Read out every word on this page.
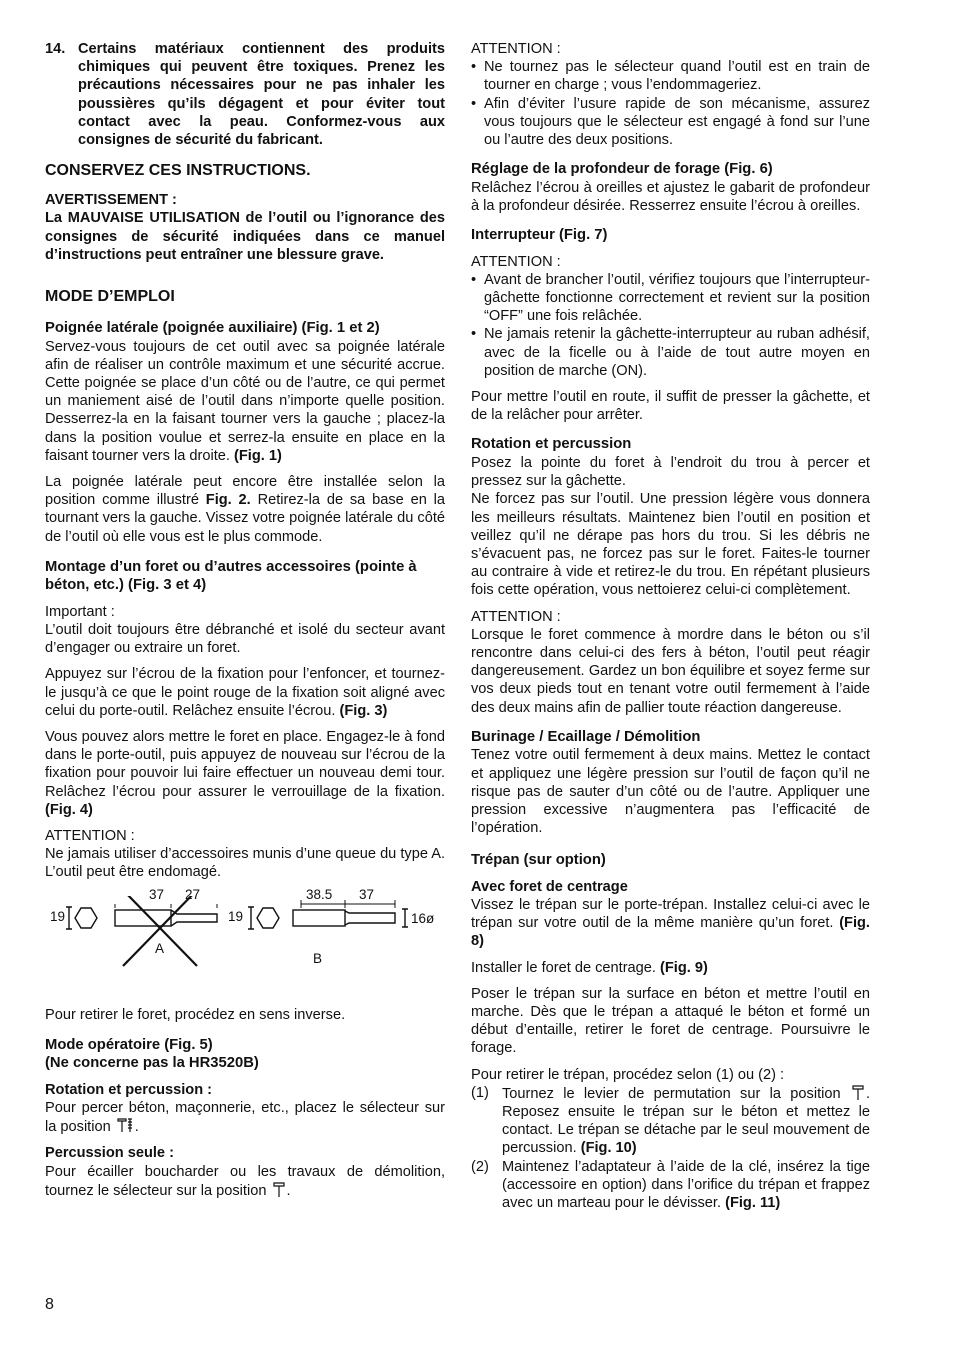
14. Certains matériaux contiennent des produits chimiques qui peuvent être toxiques. Prenez les précautions nécessaires pour ne pas inhaler les poussières qu’ils dégagent et pour éviter tout contact avec la peau. Conformez-vous aux consignes de sécurité du fabricant.
CONSERVEZ CES INSTRUCTIONS.
AVERTISSEMENT :

La MAUVAISE UTILISATION de l’outil ou l’ignorance des consignes de sécurité indiquées dans ce manuel d’instructions peut entraîner une blessure grave.

MODE D’EMPLOI
Poignée latérale (poignée auxiliaire) (Fig. 1 et 2)

Servez-vous toujours de cet outil avec sa poignée latérale afin de réaliser un contrôle maximum et une sécurité accrue. Cette poignée se place d’un côté ou de l’autre, ce qui permet un maniement aisé de l’outil dans n’importe quelle position. Desserrez-la en la faisant tourner vers la gauche ; placez-la dans la position voulue et serrez-la ensuite en place en la faisant tourner vers la droite. (Fig. 1)

La poignée latérale peut encore être installée selon la position comme illustré Fig. 2. Retirez-la de sa base en la tournant vers la gauche. Vissez votre poignée latérale du côté de l’outil où elle vous est le plus commode.

Montage d’un foret ou d’autres accessoires (pointe à béton, etc.) (Fig. 3 et 4)

Important :

L’outil doit toujours être débranché et isolé du secteur avant d’engager ou extraire un foret.

Appuyez sur l’écrou de la fixation pour l’enfoncer, et tournez-le jusqu’à ce que le point rouge de la fixation soit aligné avec celui du porte-outil. Relâchez ensuite l’écrou. (Fig. 3)

Vous pouvez alors mettre le foret en place. Engagez-le à fond dans le porte-outil, puis appuyez de nouveau sur l’écrou de la fixation pour pouvoir lui faire effectuer un nouveau demi tour. Relâchez l’écrou pour assurer le verrouillage de la fixation. (Fig. 4)

ATTENTION :

Ne jamais utiliser d’accessoires munis d’une queue du type A. L’outil peut être endomagé.

37 27
19
A
38.5 37
19	16ø
B

Pour retirer le foret, procédez en sens inverse.

Mode opératoire (Fig. 5)
(Ne concerne pas la HR3520B)
Rotation et percussion :

Pour percer béton, maçonnerie, etc., placez le sélecteur sur la position .

Percussion seule :

Pour écailler boucharder ou les travaux de démolition, tournez le sélecteur sur la position .

ATTENTION :

• Ne tournez pas le sélecteur quand l’outil est en train de tourner en charge ; vous l’endommageriez.
• Afin d’éviter l’usure rapide de son mécanisme, assurez vous toujours que le sélecteur est engagé à fond sur l’une ou l’autre des deux positions.
Réglage de la profondeur de forage (Fig. 6)

Relâchez l’écrou à oreilles et ajustez le gabarit de profondeur à la profondeur désirée. Resserrez ensuite l’écrou à oreilles.

Interrupteur (Fig. 7)

ATTENTION :

• Avant de brancher l’outil, vérifiez toujours que l’interrupteur-gâchette fonctionne correctement et revient sur la position “OFF” une fois relâchée.
• Ne jamais retenir la gâchette-interrupteur au ruban adhésif, avec de la ficelle ou à l’aide de tout autre moyen en position de marche (ON).

Pour mettre l’outil en route, il suffit de presser la gâchette, et de la relâcher pour arrêter.

Rotation et percussion

Posez la pointe du foret à l’endroit du trou à percer et pressez sur la gâchette.

Ne forcez pas sur l’outil. Une pression légère vous donnera les meilleurs résultats. Maintenez bien l’outil en position et veillez qu’il ne dérape pas hors du trou. Si les débris ne s’évacuent pas, ne forcez pas sur le foret. Faites-le tourner au contraire à vide et retirez-le du trou. En répétant plusieurs fois cette opération, vous nettoierez celui-ci complètement.

ATTENTION :

Lorsque le foret commence à mordre dans le béton ou s’il rencontre dans celui-ci des fers à béton, l’outil peut réagir dangereusement. Gardez un bon équilibre et soyez ferme sur vos deux pieds tout en tenant votre outil fermement à l’aide des deux mains afin de pallier toute réaction dangereuse.

Burinage / Ecaillage / Démolition

Tenez votre outil fermement à deux mains. Mettez le contact et appliquez une légère pression sur l’outil de façon qu’il ne risque pas de sauter d’un côté ou de l’autre. Appliquer une pression excessive n’augmentera pas l’efficacité de l’opération.

Trépan (sur option)
Avec foret de centrage

Vissez le trépan sur le porte-trépan. Installez celui-ci avec le trépan sur votre outil de la même manière qu’un foret. (Fig. 8)

Installer le foret de centrage. (Fig. 9)

Poser le trépan sur la surface en béton et mettre l’outil en marche. Dès que le trépan a attaqué le béton et formé un début d’entaille, retirer le foret de centrage. Poursuivre le forage.

Pour retirer le trépan, procédez selon (1) ou (2) :

(1) Tournez le levier de permutation sur la position . Reposez ensuite le trépan sur le béton et mettez le contact. Le trépan se détache par le seul mouvement de percussion. (Fig. 10)
(2) Maintenez l’adaptateur à l’aide de la clé, insérez la tige (accessoire en option) dans l’orifice du trépan et frappez avec un marteau pour le dévisser. (Fig. 11)
8
